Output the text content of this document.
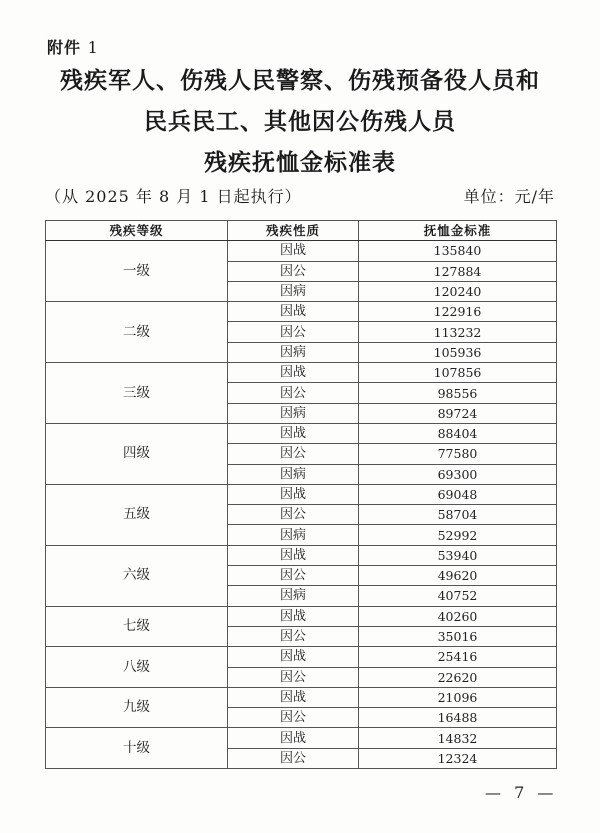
附件 1
残疾军人、伤残人民警察、伤残预备役人员和
民兵民工、其他因公伤残人员
残疾抚恤金标准表
（从 2025 年 8 月 1 日起执行）	单位：元/年
残疾等级	残疾性质	抚恤金标准
一级	因战	135840
	因公	127884
	因病	120240
二级	因战	122916
	因公	113232
	因病	105936
三级	因战	107856
	因公	98556
	因病	89724
四级	因战	88404
	因公	77580
	因病	69300
五级	因战	69048
	因公	58704
	因病	52992
六级	因战	53940
	因公	49620
	因病	40752
七级	因战	40260
	因公	35016
八级	因战	25416
	因公	22620
九级	因战	21096
	因公	16488
十级	因战	14832
	因公	12324
— 7 —
